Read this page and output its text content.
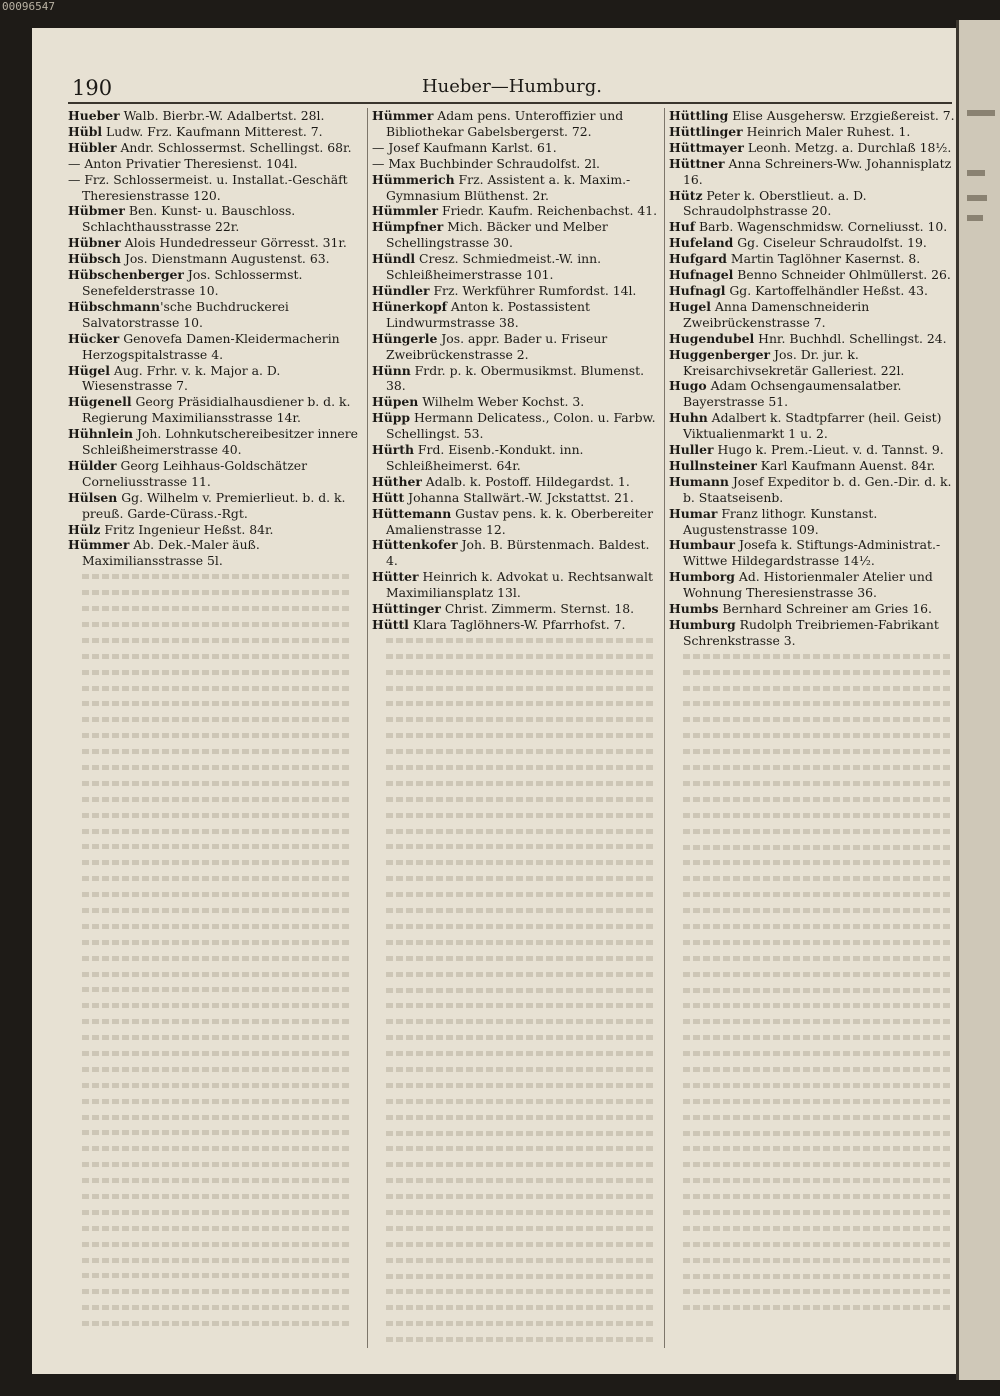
00096547
190	Hueber—Humburg.

Hueber Walb. Bierbr.-W. Adalbertst. 28l.

Hübl Ludw. Frz. Kaufmann Mitterest. 7.

Hübler Andr. Schlossermst. Schellingst. 68r.

— Anton Privatier Theresienst. 104l.

— Frz. Schlossermeist. u. Installat.-Geschäft Theresienstrasse 120.

Hübmer Ben. Kunst- u. Bauschloss. Schlachthausstrasse 22r.

Hübner Alois Hundedresseur Görresst. 31r.

Hübsch Jos. Dienstmann Augustenst. 63.

Hübschenberger Jos. Schlossermst. Senefelderstrasse 10.

Hübschmann'sche Buchdruckerei Salvatorstrasse 10.

Hücker Genovefa Damen-Kleidermacherin Herzogspitalstrasse 4.

Hügel Aug. Frhr. v. k. Major a. D. Wiesenstrasse 7.

Hügenell Georg Präsidialhausdiener b. d. k. Regierung Maximiliansstrasse 14r.

Hühnlein Joh. Lohnkutschereibesitzer innere Schleißheimerstrasse 40.

Hülder Georg Leihhaus-Goldschätzer Corneliusstrasse 11.

Hülsen Gg. Wilhelm v. Premierlieut. b. d. k. preuß. Garde-Cürass.-Rgt.

Hülz Fritz Ingenieur Heßst. 84r.

Hümmer Ab. Dek.-Maler äuß. Maximiliansstrasse 5l.

Hümmer Adam pens. Unteroffizier und Bibliothekar Gabelsbergerst. 72.

— Josef Kaufmann Karlst. 61.

— Max Buchbinder Schraudolfst. 2l.

Hümmerich Frz. Assistent a. k. Maxim.-Gymnasium Blüthenst. 2r.

Hümmler Friedr. Kaufm. Reichenbachst. 41.

Hümpfner Mich. Bäcker und Melber Schellingstrasse 30.

Hündl Cresz. Schmiedmeist.-W. inn. Schleißheimerstrasse 101.

Hündler Frz. Werkführer Rumfordst. 14l.

Hünerkopf Anton k. Postassistent Lindwurmstrasse 38.

Hüngerle Jos. appr. Bader u. Friseur Zweibrückenstrasse 2.

Hünn Frdr. p. k. Obermusikmst. Blumenst. 38.

Hüpen Wilhelm Weber Kochst. 3.

Hüpp Hermann Delicatess., Colon. u. Farbw. Schellingst. 53.

Hürth Frd. Eisenb.-Kondukt. inn. Schleißheimerst. 64r.

Hüther Adalb. k. Postoff. Hildegardst. 1.

Hütt Johanna Stallwärt.-W. Jckstattst. 21.

Hüttemann Gustav pens. k. k. Oberbereiter Amalienstrasse 12.

Hüttenkofer Joh. B. Bürstenmach. Baldest. 4.

Hütter Heinrich k. Advokat u. Rechtsanwalt Maximiliansplatz 13l.

Hüttinger Christ. Zimmerm. Sternst. 18.

Hüttl Klara Taglöhners-W. Pfarrhofst. 7.

Hüttling Elise Ausgehersw. Erzgießereist. 7.

Hüttlinger Heinrich Maler Ruhest. 1.

Hüttmayer Leonh. Metzg. a. Durchlaß 18½.

Hüttner Anna Schreiners-Ww. Johannisplatz 16.

Hütz Peter k. Oberstlieut. a. D. Schraudolphstrasse 20.

Huf Barb. Wagenschmidsw. Corneliusst. 10.

Hufeland Gg. Ciseleur Schraudolfst. 19.

Hufgard Martin Taglöhner Kasernst. 8.

Hufnagel Benno Schneider Ohlmüllerst. 26.

Hufnagl Gg. Kartoffelhändler Heßst. 43.

Hugel Anna Damenschneiderin Zweibrückenstrasse 7.

Hugendubel Hnr. Buchhdl. Schellingst. 24.

Huggenberger Jos. Dr. jur. k. Kreisarchivsekretär Galleriest. 22l.

Hugo Adam Ochsengaumensalatber. Bayerstrasse 51.

Huhn Adalbert k. Stadtpfarrer (heil. Geist) Viktualienmarkt 1 u. 2.

Huller Hugo k. Prem.-Lieut. v. d. Tannst. 9.

Hullnsteiner Karl Kaufmann Auenst. 84r.

Humann Josef Expeditor b. d. Gen.-Dir. d. k. b. Staatseisenb.

Humar Franz lithogr. Kunstanst. Augustenstrasse 109.

Humbaur Josefa k. Stiftungs-Administrat.-Wittwe Hildegardstrasse 14½.

Humborg Ad. Historienmaler Atelier und Wohnung Theresienstrasse 36.

Humbs Bernhard Schreiner am Gries 16.

Humburg Rudolph Treibriemen-Fabrikant Schrenkstrasse 3.
